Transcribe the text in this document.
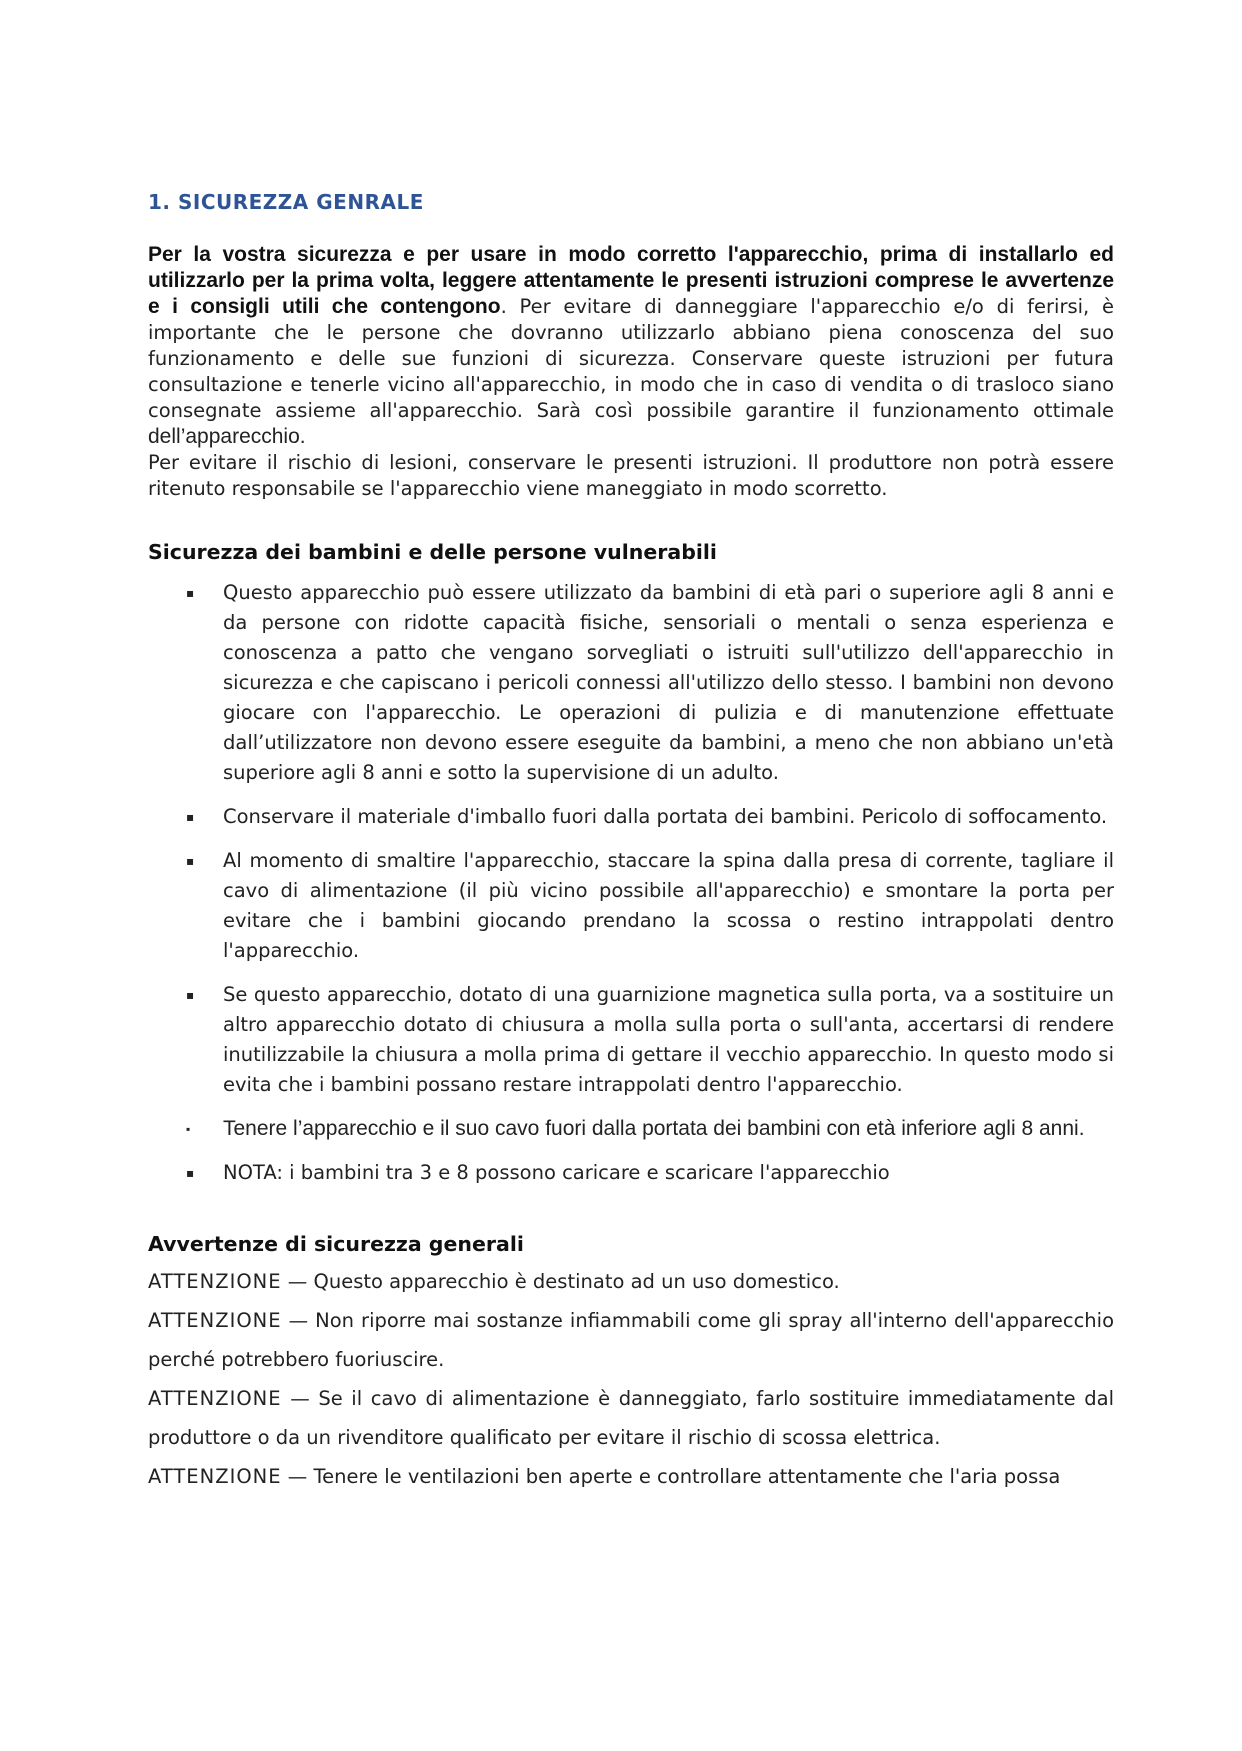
1. SICUREZZA GENRALE

Per la vostra sicurezza e per usare in modo corretto l'apparecchio, prima di installarlo ed utilizzarlo per la prima volta, leggere attentamente le presenti istruzioni comprese le avvertenze e i consigli utili che contengono. Per evitare di danneggiare l'apparecchio e/o di ferirsi, è importante che le persone che dovranno utilizzarlo abbiano piena conoscenza del suo funzionamento e delle sue funzioni di sicurezza. Conservare queste istruzioni per futura consultazione e tenerle vicino all'apparecchio, in modo che in caso di vendita o di trasloco siano consegnate assieme all'apparecchio. Sarà così possibile garantire il funzionamento ottimale dell’apparecchio.

Per evitare il rischio di lesioni, conservare le presenti istruzioni. Il produttore non potrà essere ritenuto responsabile se l'apparecchio viene maneggiato in modo scorretto.

Sicurezza dei bambini e delle persone vulnerabili
▪ Questo apparecchio può essere utilizzato da bambini di età pari o superiore agli 8 anni e da persone con ridotte capacità fisiche, sensoriali o mentali o senza esperienza e conoscenza a patto che vengano sorvegliati o istruiti sull'utilizzo dell'apparecchio in sicurezza e che capiscano i pericoli connessi all'utilizzo dello stesso. I bambini non devono giocare con l'apparecchio. Le operazioni di pulizia e di manutenzione effettuate dall’utilizzatore non devono essere eseguite da bambini, a meno che non abbiano un'età superiore agli 8 anni e sotto la supervisione di un adulto.
▪ Conservare il materiale d'imballo fuori dalla portata dei bambini. Pericolo di soffocamento.
▪ Al momento di smaltire l'apparecchio, staccare la spina dalla presa di corrente, tagliare il cavo di alimentazione (il più vicino possibile all'apparecchio) e smontare la porta per evitare che i bambini giocando prendano la scossa o restino intrappolati dentro l'apparecchio.
▪ Se questo apparecchio, dotato di una guarnizione magnetica sulla porta, va a sostituire un altro apparecchio dotato di chiusura a molla sulla porta o sull'anta, accertarsi di rendere inutilizzabile la chiusura a molla prima di gettare il vecchio apparecchio. In questo modo si evita che i bambini possano restare intrappolati dentro l'apparecchio.
▪ Tenere l’apparecchio e il suo cavo fuori dalla portata dei bambini con età inferiore agli 8 anni.
▪ NOTA: i bambini tra 3 e 8 possono caricare e scaricare l'apparecchio
Avvertenze di sicurezza generali

ATTENZIONE — Questo apparecchio è destinato ad un uso domestico.

ATTENZIONE — Non riporre mai sostanze infiammabili come gli spray all'interno dell'apparecchio perché potrebbero fuoriuscire.

ATTENZIONE — Se il cavo di alimentazione è danneggiato, farlo sostituire immediatamente dal produttore o da un rivenditore qualificato per evitare il rischio di scossa elettrica.

ATTENZIONE — Tenere le ventilazioni ben aperte e controllare attentamente che l'aria possa
